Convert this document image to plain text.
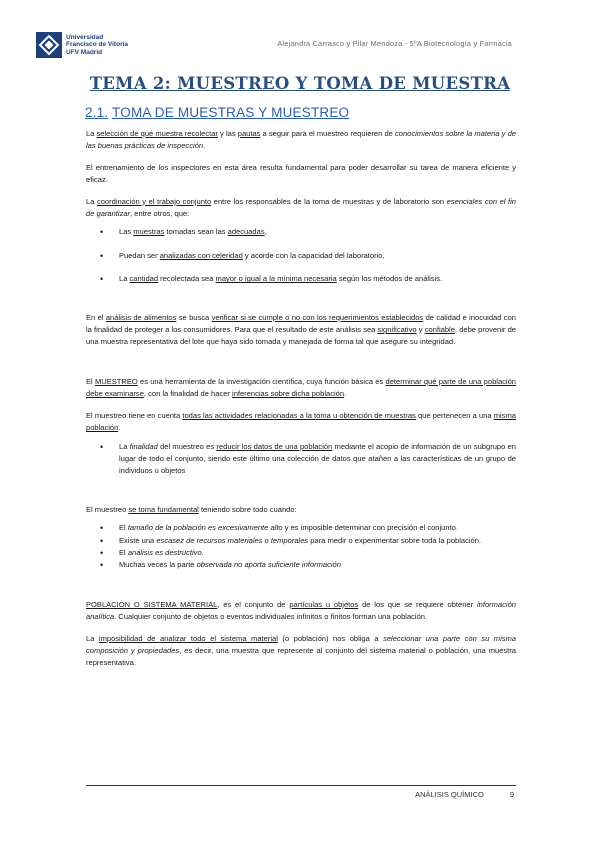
Universidad
Francisco de Vitoria
UFV Madrid
Alejandra Carrasco y Pilar Mendoza - 5ºA Biotecnología y Farmacia
TEMA 2: MUESTREO Y TOMA DE MUESTRA
2.1. TOMA DE MUESTRAS Y MUESTREO

La selección de qué muestra recolectar y las pautas a seguir para el muestreo requieren de conocimientos sobre la materia y de las buenas prácticas de inspección.

El entrenamiento de los inspectores en esta área resulta fundamental para poder desarrollar su tarea de manera eficiente y eficaz.

La coordinación y el trabajo conjunto entre los responsables de la toma de muestras y de laboratorio son esenciales con el fin de garantizar, entre otros, que:

• Las muestras tomadas sean las adecuadas,
• Puedan ser analizadas con celeridad y acorde con la capacidad del laboratorio,
• La cantidad recolectada sea mayor o igual a la mínima necesaria según los métodos de análisis.

En el análisis de alimentos se busca verificar si se cumple o no con los requerimientos establecidos de calidad e inocuidad con la finalidad de proteger a los consumidores. Para que el resultado de este análisis sea significativo y confiable, debe provenir de una muestra representativa del lote que haya sido tomada y manejada de forma tal que asegure su integridad.

El MUESTREO es una herramienta de la investigación científica, cuya función básica es determinar qué parte de una población debe examinarse, con la finalidad de hacer inferencias sobre dicha población.

El muestreo tiene en cuenta todas las actividades relacionadas a la toma u obtención de muestras que pertenecen a una misma población.

• La finalidad del muestreo es reducir los datos de una población mediante el acopio de información de un subgrupo en lugar de todo el conjunto, siendo este último una colección de datos que atañen a las características de un grupo de individuos u objetos

El muestreo se toma fundamental teniendo sobre todo cuando:

• El tamaño de la población es excesivamente alto y es imposible determinar con precisión el conjunto.
• Existe una escasez de recursos materiales o temporales para medir o experimentar sobre toda la población.
• El análisis es destructivo.
• Muchas veces la parte observada no aporta suficiente información

POBLACIÓN O SISTEMA MATERIAL, es el conjunto de partículas u objetos de los que se requiere obtener información analítica. Cualquier conjunto de objetos o eventos individuales infinitos o finitos forman una población.

La imposibilidad de analizar todo el sistema material (o población) nos obliga a seleccionar una parte con su misma composición y propiedades, es decir, una muestra que represente al conjunto del sistema material o población, una muestra representativa.

ANÁLISIS QUÍMICO	9
